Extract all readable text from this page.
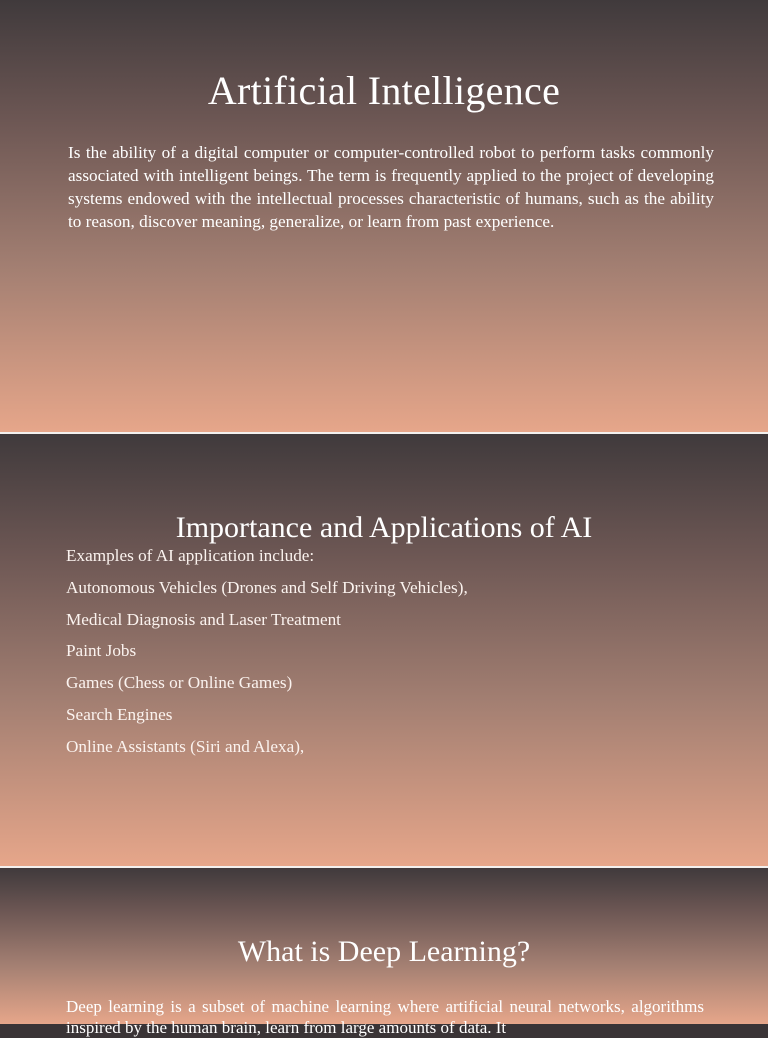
Artificial Intelligence

Is the ability of a digital computer or computer-controlled robot to perform tasks commonly associated with intelligent beings. The term is frequently applied to the project of developing systems endowed with the intellectual processes characteristic of humans, such as the ability to reason, discover meaning, generalize, or learn from past experience.

Importance and Applications of AI
Examples of AI application include:
Autonomous Vehicles (Drones and Self Driving Vehicles),
Medical Diagnosis and Laser Treatment
Paint Jobs
Games (Chess or Online Games)
Search Engines
Online Assistants (Siri and Alexa),
What is Deep Learning?

Deep learning is a subset of machine learning where artificial neural networks, algorithms inspired by the human brain, learn from large amounts of data. It
